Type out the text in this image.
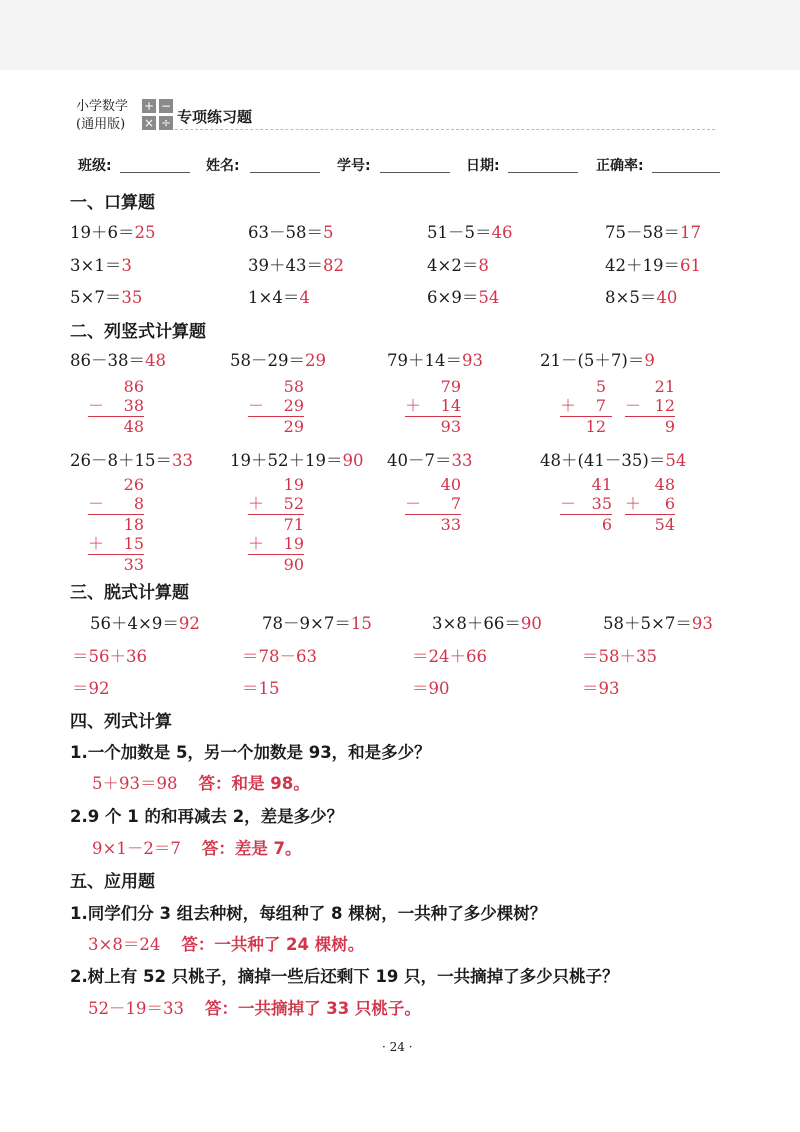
小学数学
(通用版)
+ −
× ÷ 专项练习题
班级:	姓名:	学号:	日期:	正确率:
一、口算题
19＋6＝25	63－58＝5	51－5＝46	75－58＝17
3×1＝3	39＋43＝82	4×2＝8	42＋19＝61
5×7＝35	1×4＝4	6×9＝54	8×5＝40
二、列竖式计算题
86－38＝48	58－29＝29	79＋14＝93	21－(5＋7)＝9
86
－ 38
48
58
－ 29
29
79
＋ 14
93
5
＋ 7
12
21
－ 12
9
26－8＋15＝33 19＋52＋19＝90 40－7＝33	48＋(41－35)＝54
26
－ 8
18
＋ 15
33
19
＋ 52
71
＋ 19
90
40
－ 7
33
41
－ 35
6
48
＋ 6
54
三、脱式计算题
56＋4×9＝92	78－9×7＝15	3×8＋66＝90	58＋5×7＝93
＝56＋36	＝78－63	＝24＋66	＝58＋35
＝92	＝15	＝90	＝93
四、列式计算
1.一个加数是 5，另一个加数是 93，和是多少？
5＋93＝98 答：和是 98。
2.9 个 1 的和再减去 2，差是多少？
9×1－2＝7 答：差是 7。
五、应用题
1.同学们分 3 组去种树，每组种了 8 棵树，一共种了多少棵树？
3×8＝24 答：一共种了 24 棵树。
2.树上有 52 只桃子，摘掉一些后还剩下 19 只，一共摘掉了多少只桃子？
52－19＝33 答：一共摘掉了 33 只桃子。
· 24 ·
